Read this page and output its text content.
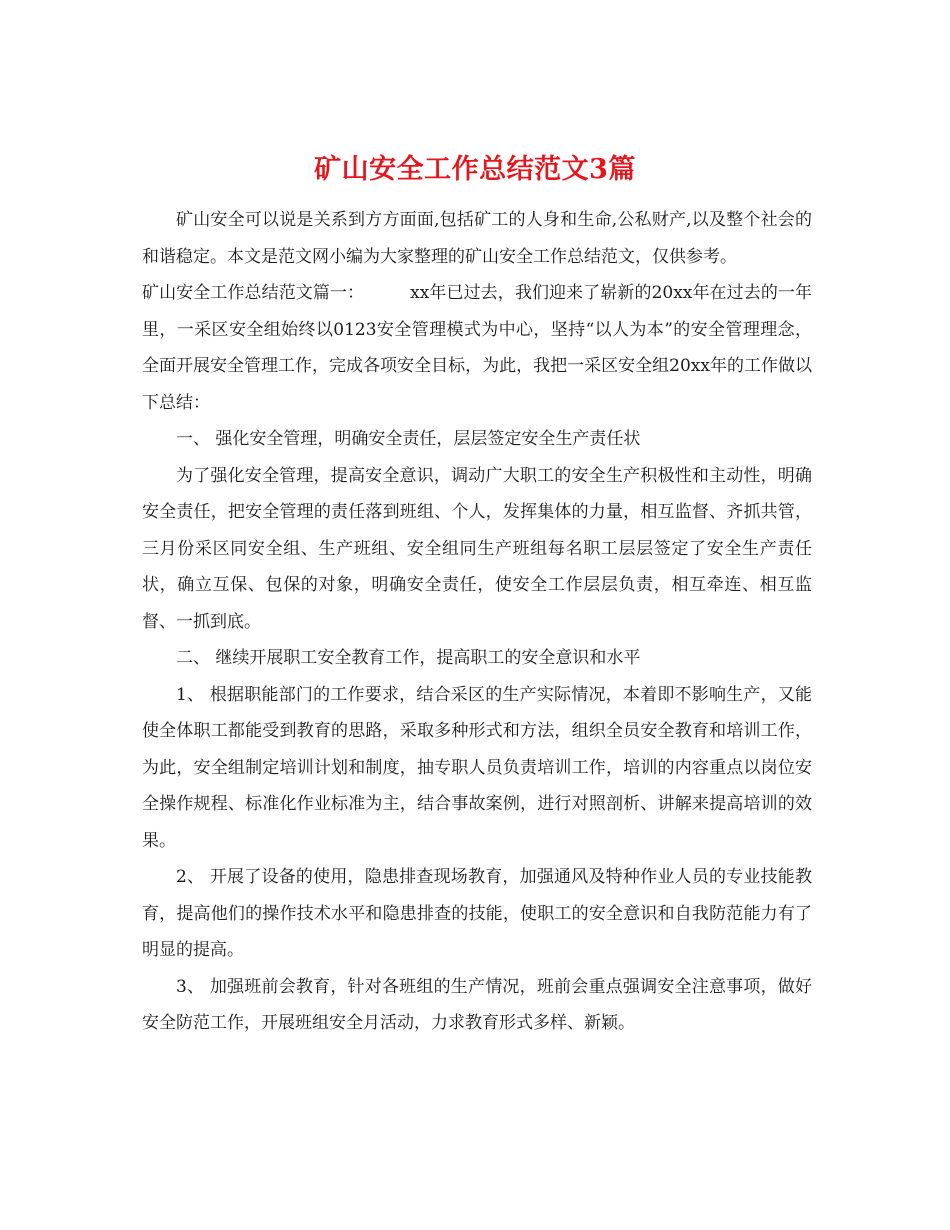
矿山安全工作总结范文3篇

矿山安全可以说是关系到方方面面,包括矿工的人身和生命,公私财产,以及整个社会的和谐稳定。本文是范文网小编为大家整理的矿山安全工作总结范文，仅供参考。

矿山安全工作总结范文篇一：	xx年已过去，我们迎来了崭新的20xx年在过去的一年里，一采区安全组始终以0123安全管理模式为中心，坚持“以人为本”的安全管理理念，全面开展安全管理工作，完成各项安全目标，为此，我把一采区安全组20xx年的工作做以下总结：

一、 强化安全管理，明确安全责任，层层签定安全生产责任状

为了强化安全管理，提高安全意识，调动广大职工的安全生产积极性和主动性，明确安全责任，把安全管理的责任落到班组、个人，发挥集体的力量，相互监督、齐抓共管，三月份采区同安全组、生产班组、安全组同生产班组每名职工层层签定了安全生产责任状，确立互保、包保的对象，明确安全责任，使安全工作层层负责，相互牵连、相互监督、一抓到底。

二、 继续开展职工安全教育工作，提高职工的安全意识和水平

1、 根据职能部门的工作要求，结合采区的生产实际情况，本着即不影响生产，又能使全体职工都能受到教育的思路，采取多种形式和方法，组织全员安全教育和培训工作，为此，安全组制定培训计划和制度，抽专职人员负责培训工作，培训的内容重点以岗位安全操作规程、标准化作业标准为主，结合事故案例，进行对照剖析、讲解来提高培训的效果。

2、 开展了设备的使用，隐患排查现场教育，加强通风及特种作业人员的专业技能教育，提高他们的操作技术水平和隐患排查的技能，使职工的安全意识和自我防范能力有了明显的提高。

3、 加强班前会教育，针对各班组的生产情况，班前会重点强调安全注意事项，做好安全防范工作，开展班组安全月活动，力求教育形式多样、新颖。
